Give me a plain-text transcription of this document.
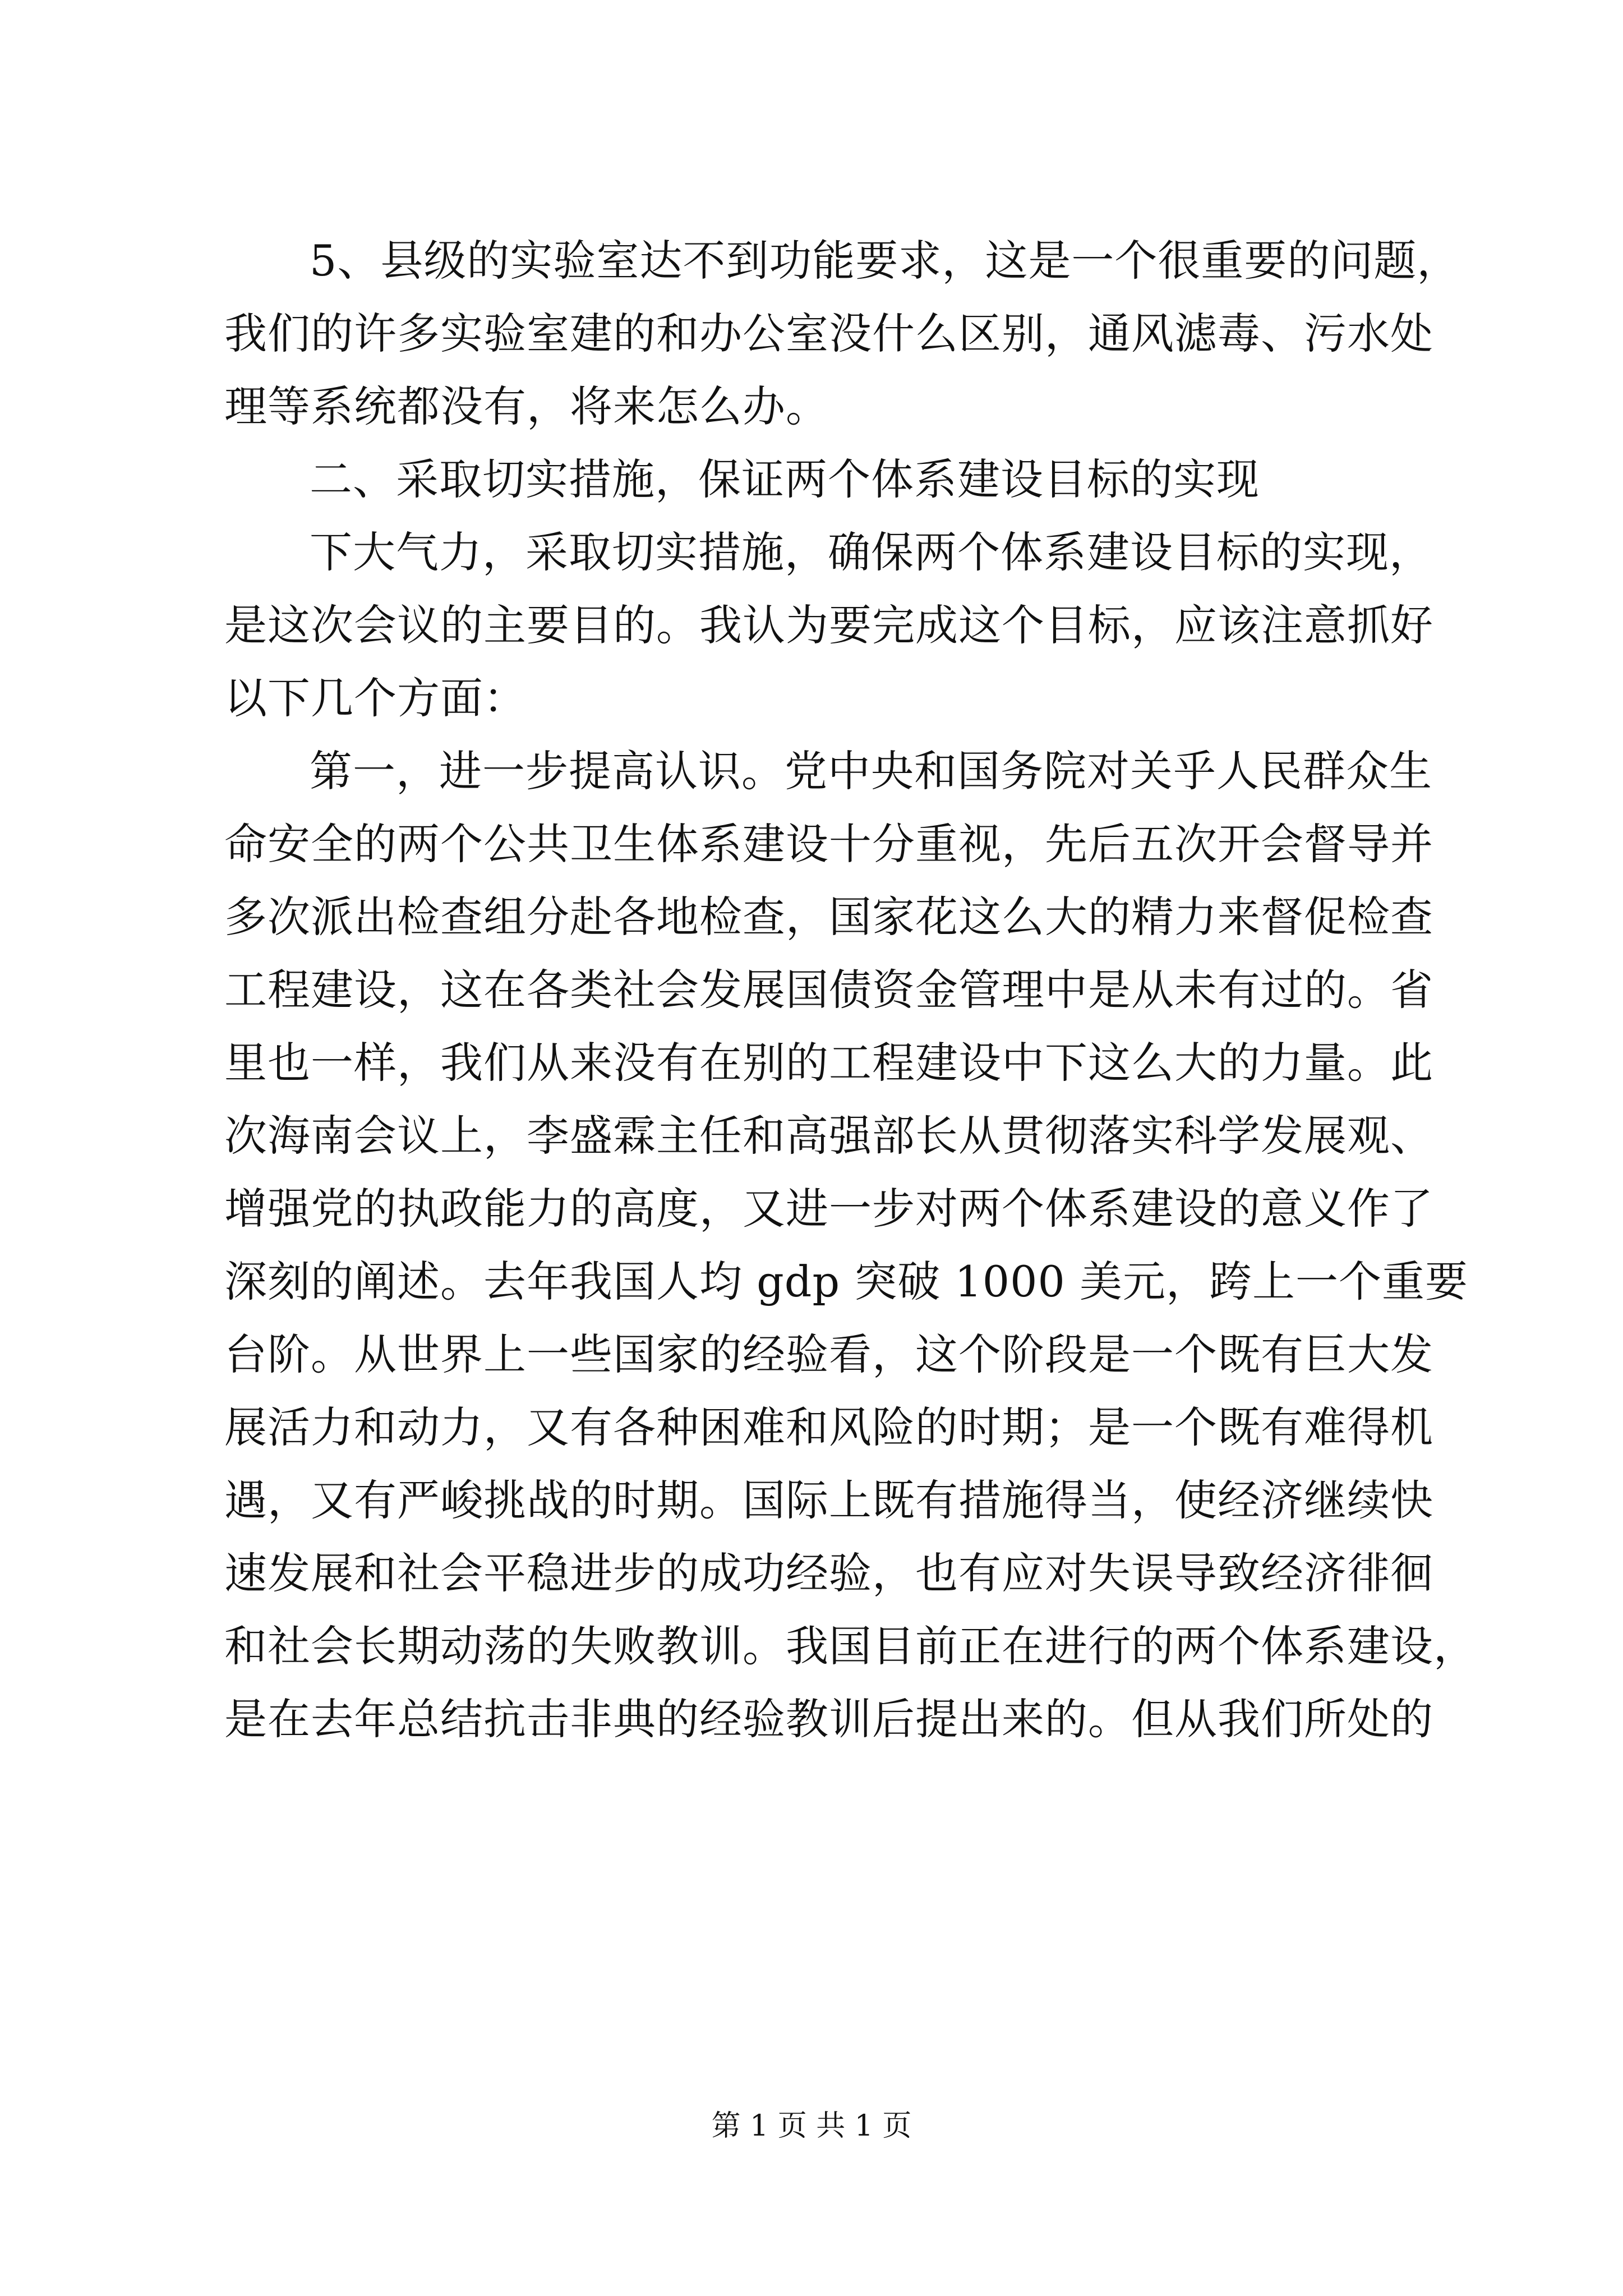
5、县级的实验室达不到功能要求，这是一个很重要的问题，
我们的许多实验室建的和办公室没什么区别，通风滤毒、污水处
理等系统都没有，将来怎么办。
二、采取切实措施，保证两个体系建设目标的实现
下大气力，采取切实措施，确保两个体系建设目标的实现，
是这次会议的主要目的。我认为要完成这个目标，应该注意抓好
以下几个方面：
第一，进一步提高认识。党中央和国务院对关乎人民群众生
命安全的两个公共卫生体系建设十分重视，先后五次开会督导并
多次派出检查组分赴各地检查，国家花这么大的精力来督促检查
工程建设，这在各类社会发展国债资金管理中是从未有过的。省
里也一样，我们从来没有在别的工程建设中下这么大的力量。此
次海南会议上，李盛霖主任和高强部长从贯彻落实科学发展观、
增强党的执政能力的高度，又进一步对两个体系建设的意义作了
深刻的阐述。去年我国人均 gdp 突破 1000 美元，跨上一个重要
台阶。从世界上一些国家的经验看，这个阶段是一个既有巨大发
展活力和动力，又有各种困难和风险的时期；是一个既有难得机
遇，又有严峻挑战的时期。国际上既有措施得当，使经济继续快
速发展和社会平稳进步的成功经验，也有应对失误导致经济徘徊
和社会长期动荡的失败教训。我国目前正在进行的两个体系建设，
是在去年总结抗击非典的经验教训后提出来的。但从我们所处的
第 1 页 共 1 页
